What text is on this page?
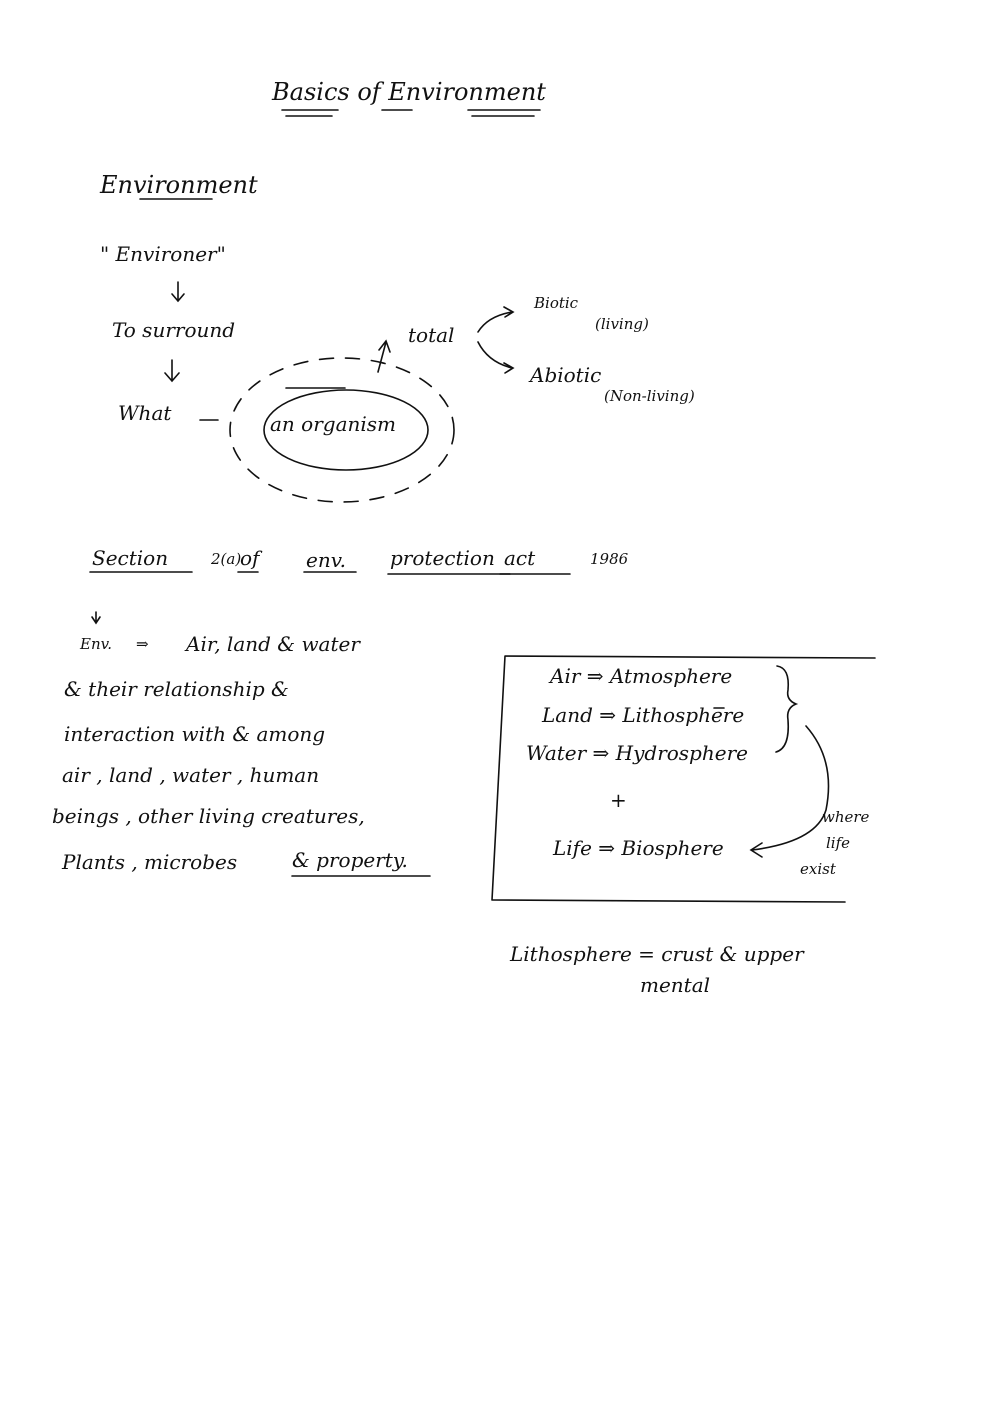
Basics of Environment
Environment
" Environer"
To surround
What	an organism
total
Biotic
(living)
Abiotic
(Non-living)
Section	2(a)
of env. protection act	1986
Env. ⇒ Air, land & water
& their relationship &
interaction with & among
air , land , water , human
beings , other living creatures,
Plants , microbes	& property.
Air ⇒ Atmosphere
Land ⇒ Lithosphere
Water ⇒ Hydrosphere
+
Life ⇒ Biosphere
where
life
exist
Lithosphere = crust & upper
mental
